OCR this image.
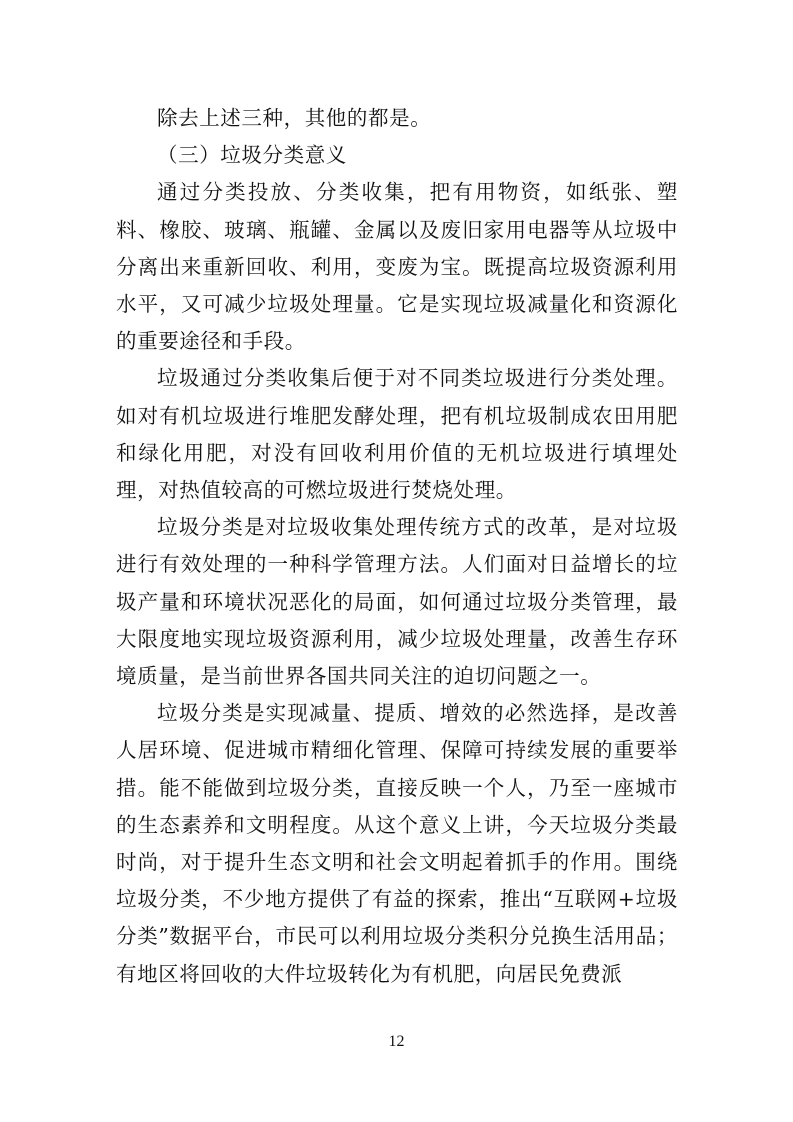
除去上述三种，其他的都是。

（三）垃圾分类意义

通过分类投放、分类收集，把有用物资，如纸张、塑料、橡胶、玻璃、瓶罐、金属以及废旧家用电器等从垃圾中分离出来重新回收、利用，变废为宝。既提高垃圾资源利用水平，又可减少垃圾处理量。它是实现垃圾减量化和资源化的重要途径和手段。

垃圾通过分类收集后便于对不同类垃圾进行分类处理。如对有机垃圾进行堆肥发酵处理，把有机垃圾制成农田用肥和绿化用肥，对没有回收利用价值的无机垃圾进行填埋处理，对热值较高的可燃垃圾进行焚烧处理。

垃圾分类是对垃圾收集处理传统方式的改革，是对垃圾进行有效处理的一种科学管理方法。人们面对日益增长的垃圾产量和环境状况恶化的局面，如何通过垃圾分类管理，最大限度地实现垃圾资源利用，减少垃圾处理量，改善生存环境质量，是当前世界各国共同关注的迫切问题之一。

垃圾分类是实现减量、提质、增效的必然选择，是改善人居环境、促进城市精细化管理、保障可持续发展的重要举措。能不能做到垃圾分类，直接反映一个人，乃至一座城市的生态素养和文明程度。从这个意义上讲，今天垃圾分类最时尚，对于提升生态文明和社会文明起着抓手的作用。围绕垃圾分类，不少地方提供了有益的探索，推出“互联网+垃圾分类”数据平台，市民可以利用垃圾分类积分兑换生活用品；有地区将回收的大件垃圾转化为有机肥，向居民免费派

12
